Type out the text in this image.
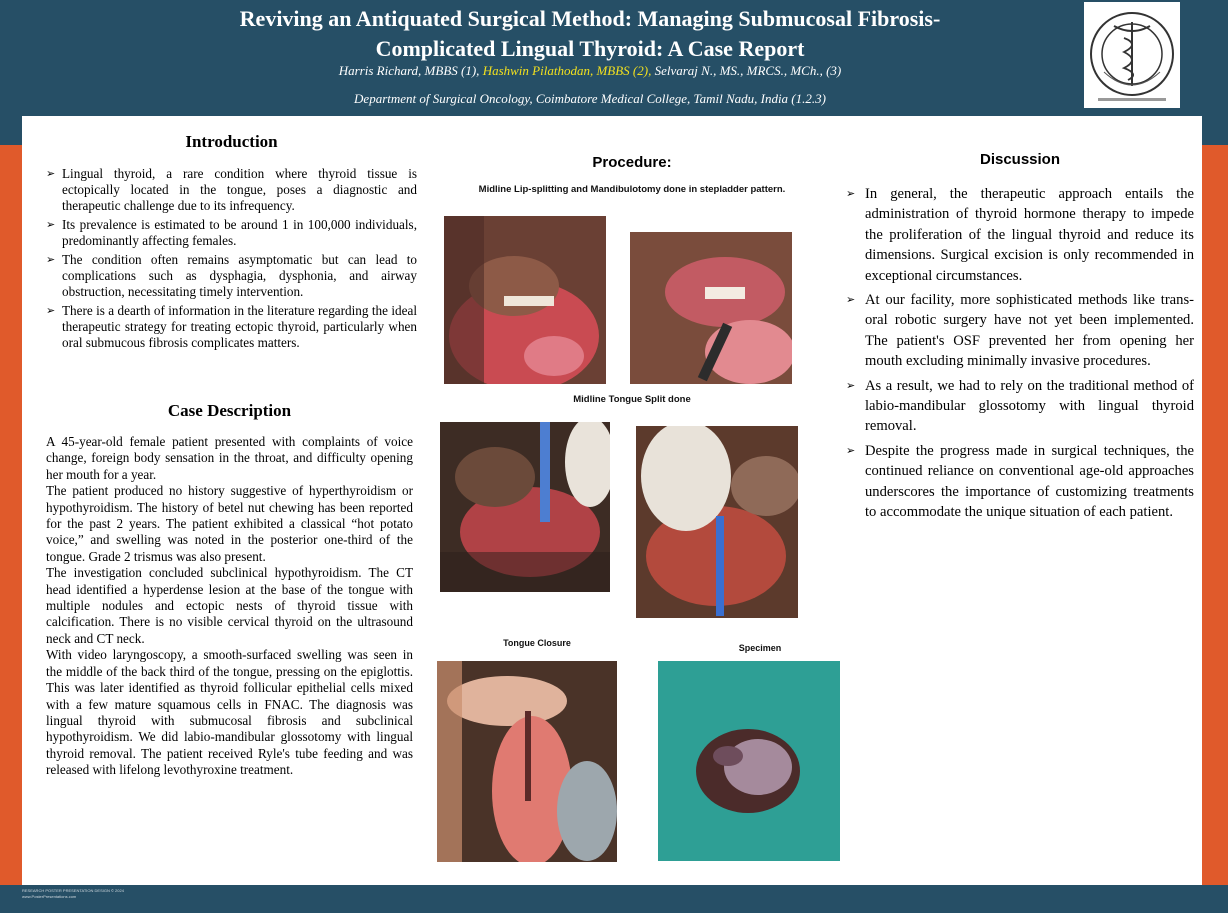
Reviving an Antiquated Surgical Method: Managing Submucosal Fibrosis-
Complicated Lingual Thyroid: A Case Report
Harris Richard, MBBS (1), Hashwin Pilathodan, MBBS (2), Selvaraj N., MS., MRCS., MCh., (3)
Department of Surgical Oncology, Coimbatore Medical College, Tamil Nadu, India (1.2.3)
Introduction
➢ Lingual thyroid, a rare condition where thyroid tissue is ectopically located in the tongue, poses a diagnostic and therapeutic challenge due to its infrequency.
➢ Its prevalence is estimated to be around 1 in 100,000 individuals, predominantly affecting females.
➢ The condition often remains asymptomatic but can lead to complications such as dysphagia, dysphonia, and airway obstruction, necessitating timely intervention.
➢ There is a dearth of information in the literature regarding the ideal therapeutic strategy for treating ectopic thyroid, particularly when oral submucous fibrosis complicates matters.
Case Description

A 45-year-old female patient presented with complaints of voice change, foreign body sensation in the throat, and difficulty opening her mouth for a year.

The patient produced no history suggestive of hyperthyroidism or hypothyroidism. The history of betel nut chewing has been reported for the past 2 years. The patient exhibited a classical “hot potato voice,” and swelling was noted in the posterior one-third of the tongue. Grade 2 trismus was also present.

The investigation concluded subclinical hypothyroidism. The CT head identified a hyperdense lesion at the base of the tongue with multiple nodules and ectopic nests of thyroid tissue with calcification. There is no visible cervical thyroid on the ultrasound neck and CT neck.

With video laryngoscopy, a smooth-surfaced swelling was seen in the middle of the back third of the tongue, pressing on the epiglottis. This was later identified as thyroid follicular epithelial cells mixed with a few mature squamous cells in FNAC. The diagnosis was lingual thyroid with submucosal fibrosis and subclinical hypothyroidism. We did labio-mandibular glossotomy with lingual thyroid removal. The patient received Ryle's tube feeding and was released with lifelong levothyroxine treatment.

Procedure:
Midline Lip-splitting and Mandibulotomy done in stepladder pattern.
Midline Tongue Split done
Tongue Closure	Specimen
Discussion
➢ In general, the therapeutic approach entails the administration of thyroid hormone therapy to impede the proliferation of the lingual thyroid and reduce its dimensions. Surgical excision is only recommended in exceptional circumstances.
➢ At our facility, more sophisticated methods like trans-oral robotic surgery have not yet been implemented. The patient's OSF prevented her from opening her mouth excluding minimally invasive procedures.
➢ As a result, we had to rely on the traditional method of labio-mandibular glossotomy with lingual thyroid removal.
➢ Despite the progress made in surgical techniques, the continued reliance on conventional age-old approaches underscores the importance of customizing treatments to accommodate the unique situation of each patient.
RESEARCH POSTER PRESENTATION DESIGN © 2024
www.PosterPresentations.com
